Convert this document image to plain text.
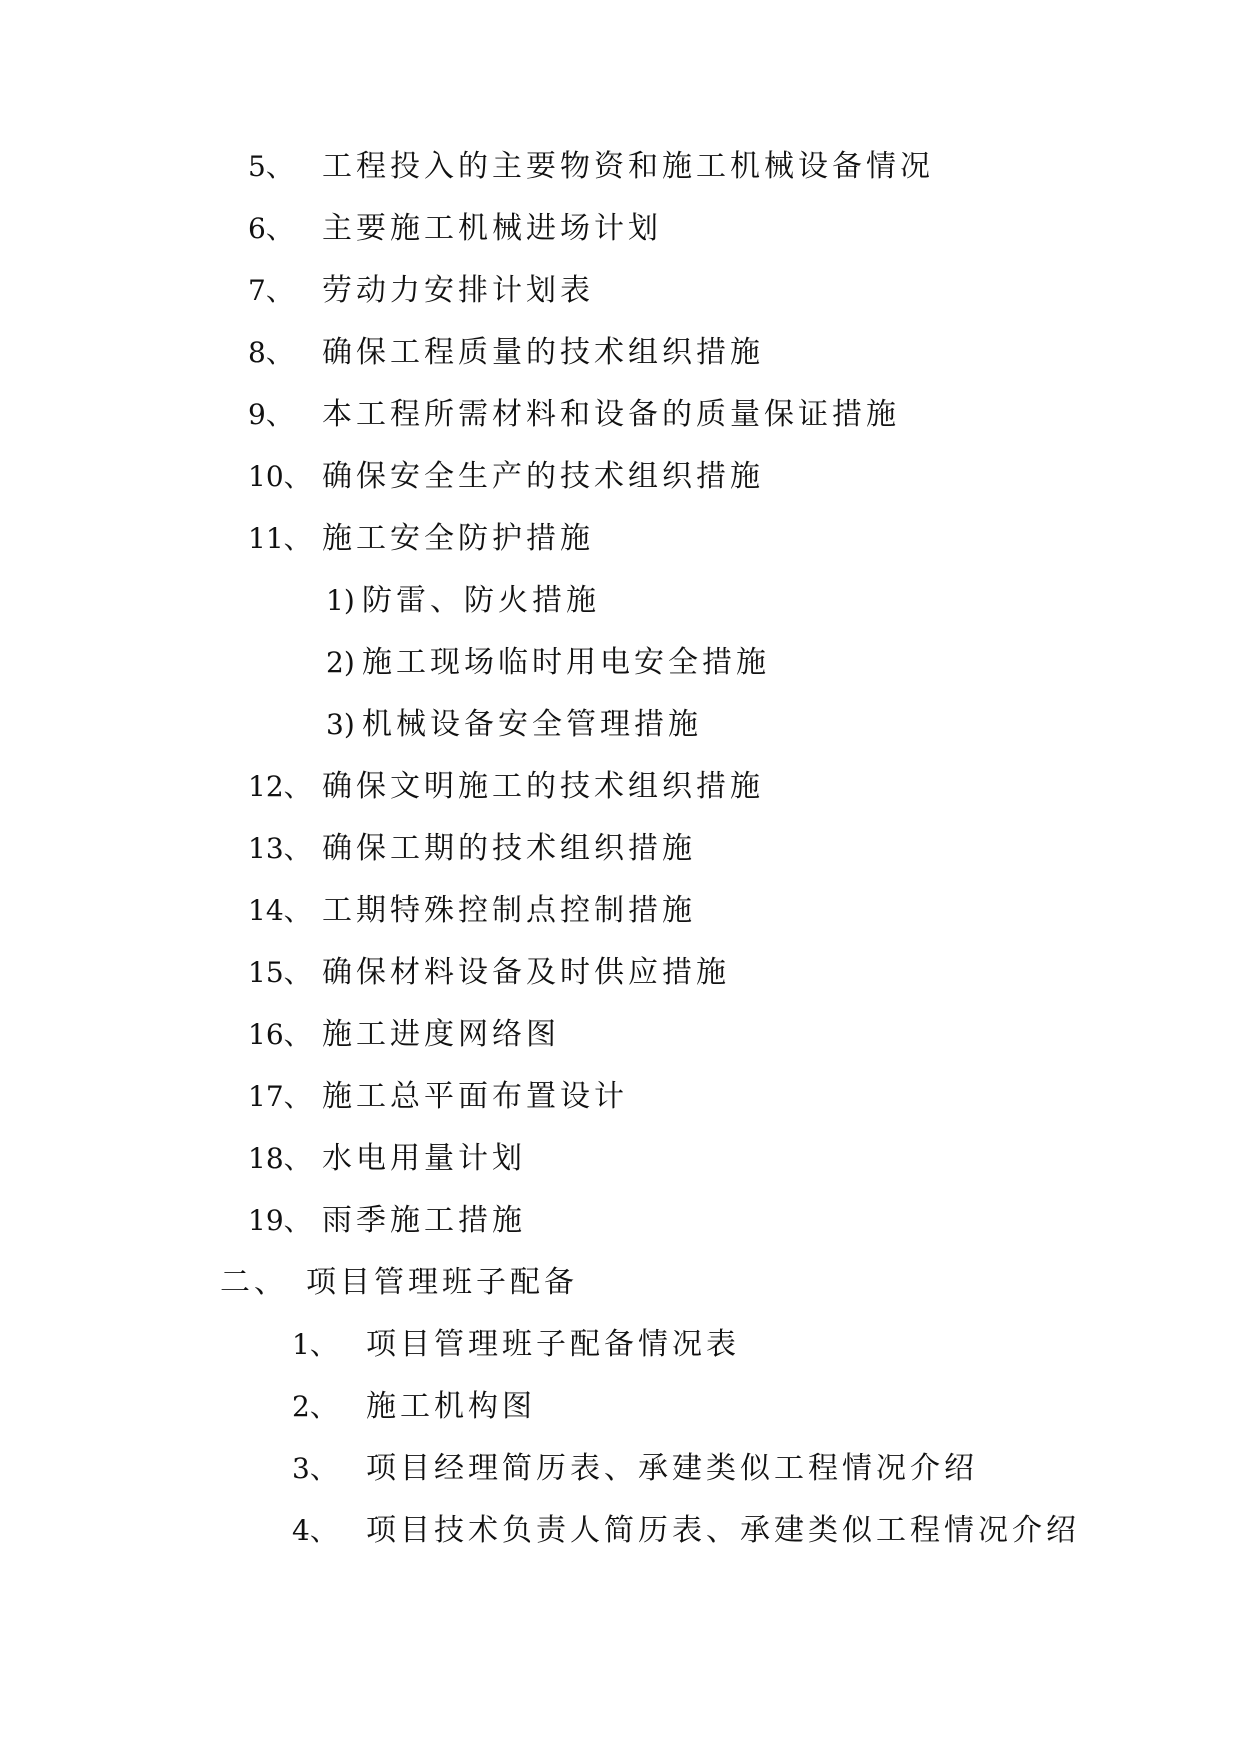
5、 工程投入的主要物资和施工机械设备情况
6、 主要施工机械进场计划
7、 劳动力安排计划表
8、 确保工程质量的技术组织措施
9、 本工程所需材料和设备的质量保证措施
10、 确保安全生产的技术组织措施
11、 施工安全防护措施
1) 防雷、防火措施
2) 施工现场临时用电安全措施
3) 机械设备安全管理措施
12、 确保文明施工的技术组织措施
13、 确保工期的技术组织措施
14、 工期特殊控制点控制措施
15、 确保材料设备及时供应措施
16、 施工进度网络图
17、 施工总平面布置设计
18、 水电用量计划
19、 雨季施工措施
二、 项目管理班子配备
1、 项目管理班子配备情况表
2、 施工机构图
3、 项目经理简历表、承建类似工程情况介绍
4、 项目技术负责人简历表、承建类似工程情况介绍
